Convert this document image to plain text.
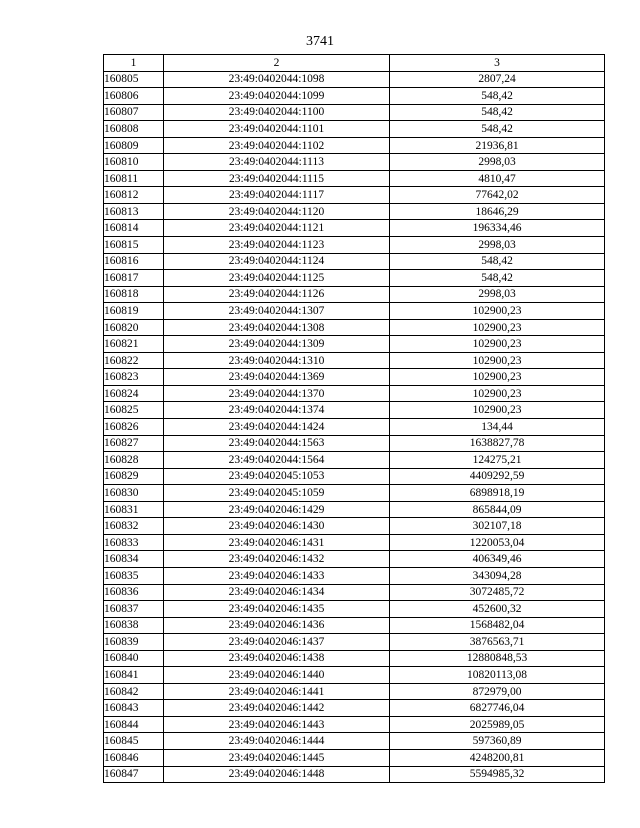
3741
1	2	3
160805	23:49:0402044:1098	2807,24
160806	23:49:0402044:1099	548,42
160807	23:49:0402044:1100	548,42
160808	23:49:0402044:1101	548,42
160809	23:49:0402044:1102	21936,81
160810	23:49:0402044:1113	2998,03
160811	23:49:0402044:1115	4810,47
160812	23:49:0402044:1117	77642,02
160813	23:49:0402044:1120	18646,29
160814	23:49:0402044:1121	196334,46
160815	23:49:0402044:1123	2998,03
160816	23:49:0402044:1124	548,42
160817	23:49:0402044:1125	548,42
160818	23:49:0402044:1126	2998,03
160819	23:49:0402044:1307	102900,23
160820	23:49:0402044:1308	102900,23
160821	23:49:0402044:1309	102900,23
160822	23:49:0402044:1310	102900,23
160823	23:49:0402044:1369	102900,23
160824	23:49:0402044:1370	102900,23
160825	23:49:0402044:1374	102900,23
160826	23:49:0402044:1424	134,44
160827	23:49:0402044:1563	1638827,78
160828	23:49:0402044:1564	124275,21
160829	23:49:0402045:1053	4409292,59
160830	23:49:0402045:1059	6898918,19
160831	23:49:0402046:1429	865844,09
160832	23:49:0402046:1430	302107,18
160833	23:49:0402046:1431	1220053,04
160834	23:49:0402046:1432	406349,46
160835	23:49:0402046:1433	343094,28
160836	23:49:0402046:1434	3072485,72
160837	23:49:0402046:1435	452600,32
160838	23:49:0402046:1436	1568482,04
160839	23:49:0402046:1437	3876563,71
160840	23:49:0402046:1438	12880848,53
160841	23:49:0402046:1440	10820113,08
160842	23:49:0402046:1441	872979,00
160843	23:49:0402046:1442	6827746,04
160844	23:49:0402046:1443	2025989,05
160845	23:49:0402046:1444	597360,89
160846	23:49:0402046:1445	4248200,81
160847	23:49:0402046:1448	5594985,32
